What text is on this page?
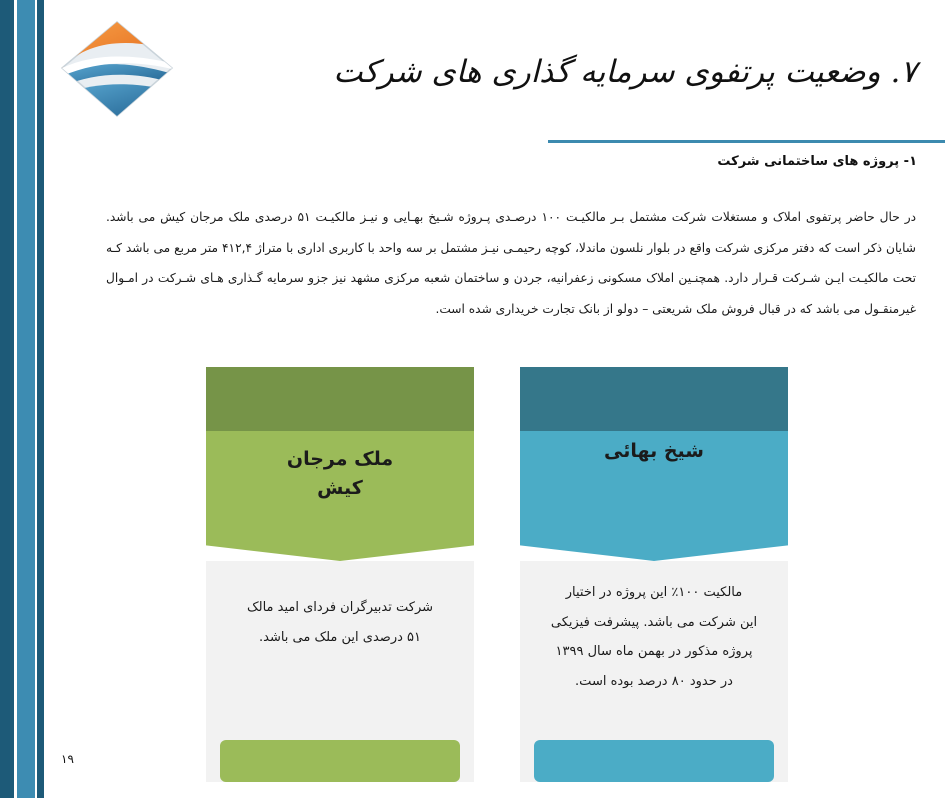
۷. وضعیت پرتفوی سرمایه گذاری های شرکت
۱- پروژه های ساختمانی شرکت

در حال حاضر پرتفوی املاک و مستغلات شرکت مشتمل بـر مالکیـت ۱۰۰ درصـدی پـروژه شـیخ بهـایی و نیـز مالکیـت ۵۱ درصدی ملک مرجان کیش می باشد. شایان ذکر است که دفتر مرکزی شرکت واقع در بلوار نلسون ماندلا، کوچه رحیمـی نیـز مشتمل بر سه واحد با کاربری اداری با متراژ ۴۱۲,۴ متر مربع می باشد کـه تحت مالکیـت ایـن شـرکت قـرار دارد. همچنـین املاک مسکونی زعفرانیه، جردن و ساختمان شعبه مرکزی مشهد نیز جزو سرمایه گـذاری هـای شـرکت در امـوال غیرمنقـول می باشد که در قبال فروش ملک شریعتی – دولو از بانک تجارت خریداری شده است.

ملک مرجان
کیش
شرکت تدبیرگران فردای امید مالک
۵۱ درصدی این ملک می باشد.
شیخ بهائی
مالکیت ۱۰۰٪ این پروژه در اختیار
این شرکت می باشد. پیشرفت فیزیکی
پروژه مذکور در بهمن ماه سال ۱۳۹۹
در حدود ۸۰ درصد بوده است.
۱۹
